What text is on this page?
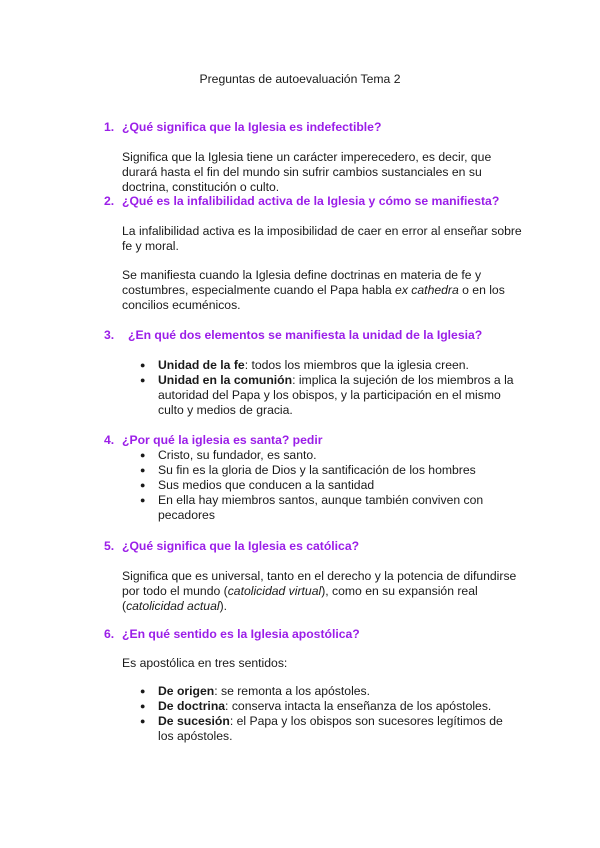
Preguntas de autoevaluación Tema 2
1. ¿Qué significa que la Iglesia es indefectible?

Significa que la Iglesia tiene un carácter imperecedero, es decir, que durará hasta el fin del mundo sin sufrir cambios sustanciales en su doctrina, constitución o culto.

2. ¿Qué es la infalibilidad activa de la Iglesia y cómo se manifiesta?

La infalibilidad activa es la imposibilidad de caer en error al enseñar sobre fe y moral.

Se manifiesta cuando la Iglesia define doctrinas en materia de fe y costumbres, especialmente cuando el Papa habla ex cathedra o en los concilios ecuménicos.

3. ¿En qué dos elementos se manifiesta la unidad de la Iglesia?
● Unidad de la fe: todos los miembros que la iglesia creen.
● Unidad en la comunión: implica la sujeción de los miembros a la autoridad del Papa y los obispos, y la participación en el mismo culto y medios de gracia.
4. ¿Por qué la iglesia es santa? pedir
● Cristo, su fundador, es santo.
● Su fin es la gloria de Dios y la santificación de los hombres
● Sus medios que conducen a la santidad
● En ella hay miembros santos, aunque también conviven con pecadores
5. ¿Qué significa que la Iglesia es católica?

Significa que es universal, tanto en el derecho y la potencia de difundirse por todo el mundo (catolicidad virtual), como en su expansión real (catolicidad actual).

6. ¿En qué sentido es la Iglesia apostólica?

Es apostólica en tres sentidos:

● De origen: se remonta a los apóstoles.
● De doctrina: conserva intacta la enseñanza de los apóstoles.
● De sucesión: el Papa y los obispos son sucesores legítimos de los apóstoles.
